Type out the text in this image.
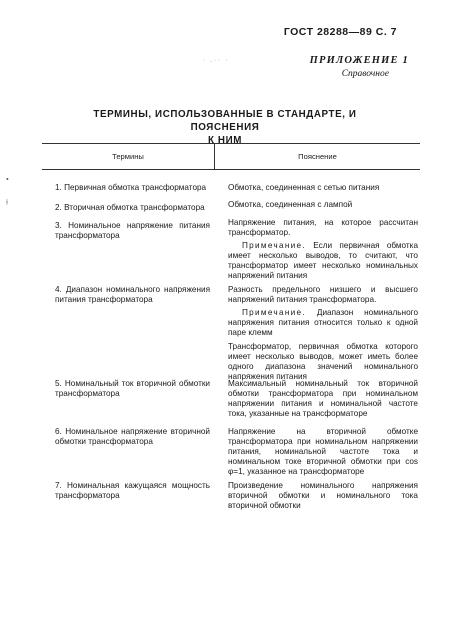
· .·· ·
ГОСТ 28288—89 С. 7
ПРИЛОЖЕНИЕ 1
Справочное
ТЕРМИНЫ, ИСПОЛЬЗОВАННЫЕ В СТАНДАРТЕ, И ПОЯСНЕНИЯ
К НИМ
Термины	Пояснение
•
ǂ
1. Первичная обмотка трансформатора
2. Вторичная обмотка трансформатора
3. Номинальное напряжение питания трансформатора
4. Диапазон номинального напряжения питания трансформатора
5. Номинальный ток вторичной обмотки трансформатора
6. Номинальное напряжение вторичной обмотки трансформатора
7. Номинальная кажущаяся мощность трансформатора
Обмотка, соединенная с сетью питания
Обмотка, соединенная с лампой
Напряжение питания, на которое рассчитан трансформатор.
Примечание. Если первичная обмотка имеет несколько выводов, то считают, что трансформатор имеет несколько номинальных напряжений питания
Разность предельного низшего и высшего напряжений питания трансформатора.
Примечание. Диапазон номинального напряжения питания относится только к одной паре клемм
Трансформатор, первичная обмотка которого имеет несколько выводов, может иметь более одного диапазона значений номинального напряжения питания
Максимальный номинальный ток вторичной обмотки трансформатора при номинальном напряжении питания и номинальной частоте тока, указанные на трансформаторе
Напряжение на вторичной обмотке трансформатора при номинальном напряжении питания, номинальной частоте тока и номинальном токе вторичной обмотки при cos φ=1, указанное на трансформаторе
Произведение номинального напряжения вторичной обмотки и номинального тока вторичной обмотки
